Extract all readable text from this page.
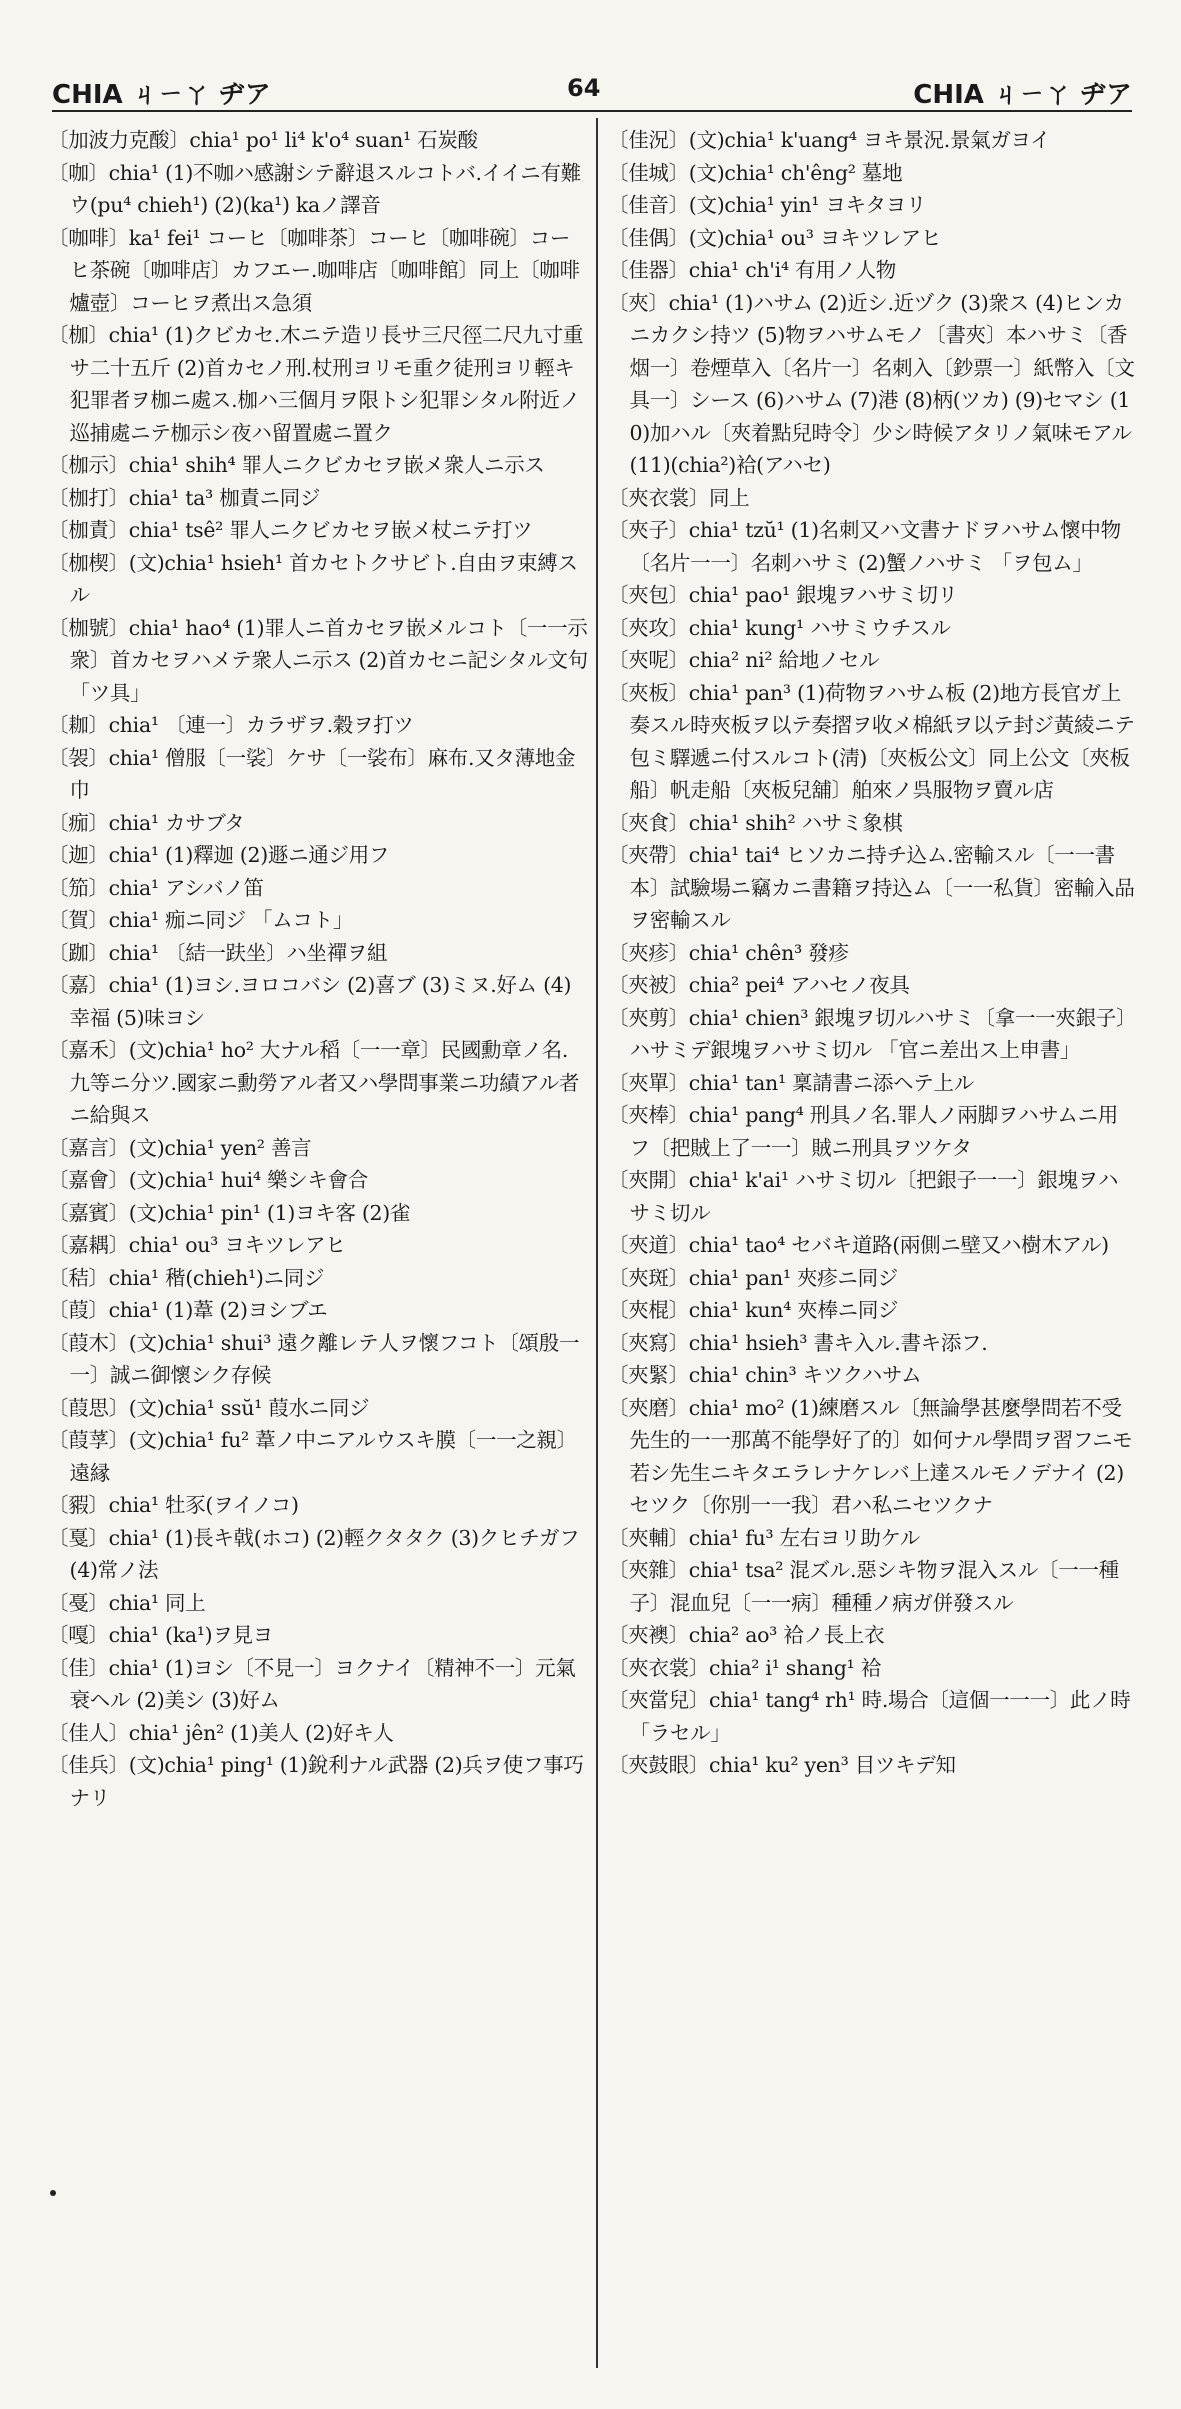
CHIA ㄐㄧㄚ ヂア	64	CHIA ㄐㄧㄚ ヂア
〔加波力克酸〕chia¹ po¹ li⁴ k'o⁴ suan¹ 石炭酸
〔咖〕chia¹ (1)不咖ハ感謝シテ辭退スルコトバ.イイニ有難ウ(pu⁴ chieh¹) (2)(ka¹) kaノ譯音
〔咖啡〕ka¹ fei¹ コーヒ〔咖啡茶〕コーヒ〔咖啡碗〕コーヒ茶碗〔咖啡店〕カフエー.咖啡店〔咖啡館〕同上〔咖啡爐壺〕コーヒヲ煮出ス急須
〔枷〕chia¹ (1)クビカセ.木ニテ造リ長サ三尺徑二尺九寸重サ二十五斤 (2)首カセノ刑.杖刑ヨリモ重ク徒刑ヨリ輕キ犯罪者ヲ枷ニ處ス.枷ハ三個月ヲ限トシ犯罪シタル附近ノ巡捕處ニテ枷示シ夜ハ留置處ニ置ク
〔枷示〕chia¹ shih⁴ 罪人ニクビカセヲ嵌メ衆人ニ示ス
〔枷打〕chia¹ ta³ 枷責ニ同ジ
〔枷責〕chia¹ tsê² 罪人ニクビカセヲ嵌メ杖ニテ打ツ
〔枷楔〕(文)chia¹ hsieh¹ 首カセトクサビト.自由ヲ束縛スル
〔枷號〕chia¹ hao⁴ (1)罪人ニ首カセヲ嵌メルコト〔一一示衆〕首カセヲハメテ衆人ニ示ス (2)首カセニ記シタル文句 「ツ具」
〔耞〕chia¹ 〔連一〕カラザヲ.穀ヲ打ツ
〔袈〕chia¹ 僧服〔一裟〕ケサ〔一裟布〕麻布.又タ薄地金巾
〔痂〕chia¹ カサブタ
〔迦〕chia¹ (1)釋迦 (2)遯ニ通ジ用フ
〔笳〕chia¹ アシバノ笛
〔賀〕chia¹ 痂ニ同ジ 「ムコト」
〔跏〕chia¹ 〔結一趺坐〕ハ坐禪ヲ組
〔嘉〕chia¹ (1)ヨシ.ヨロコバシ (2)喜ブ (3)ミヌ.好ム (4)幸福 (5)味ヨシ
〔嘉禾〕(文)chia¹ ho² 大ナル稻〔一一章〕民國勳章ノ名.九等ニ分ツ.國家ニ勳勞アル者又ハ學問事業ニ功績アル者ニ給與ス
〔嘉言〕(文)chia¹ yen² 善言
〔嘉會〕(文)chia¹ hui⁴ 樂シキ會合
〔嘉賓〕(文)chia¹ pin¹ (1)ヨキ客 (2)雀
〔嘉耦〕chia¹ ou³ ヨキツレアヒ
〔秸〕chia¹ 稭(chieh¹)ニ同ジ
〔葭〕chia¹ (1)葦 (2)ヨシブエ
〔葭木〕(文)chia¹ shui³ 遠ク離レテ人ヲ懷フコト〔頌殷一一〕誠ニ御懷シク存候
〔葭思〕(文)chia¹ ssŭ¹ 葭水ニ同ジ
〔葭莩〕(文)chia¹ fu² 葦ノ中ニアルウスキ膜〔一一之親〕遠縁
〔豭〕chia¹ 牡豕(ヲイノコ)
〔戛〕chia¹ (1)長キ戟(ホコ) (2)輕クタタク (3)クヒチガフ (4)常ノ法
〔戞〕chia¹ 同上
〔嘎〕chia¹ (ka¹)ヲ見ヨ
〔佳〕chia¹ (1)ヨシ〔不見一〕ヨクナイ〔精神不一〕元氣衰ヘル (2)美シ (3)好ム
〔佳人〕chia¹ jên² (1)美人 (2)好キ人
〔佳兵〕(文)chia¹ ping¹ (1)銳利ナル武器 (2)兵ヲ使フ事巧ナリ
〔佳況〕(文)chia¹ k'uang⁴ ヨキ景況.景氣ガヨイ
〔佳城〕(文)chia¹ ch'êng² 墓地
〔佳音〕(文)chia¹ yin¹ ヨキタヨリ
〔佳偶〕(文)chia¹ ou³ ヨキツレアヒ
〔佳器〕chia¹ ch'i⁴ 有用ノ人物
〔夾〕chia¹ (1)ハサム (2)近シ.近ヅク (3)衆ス (4)ヒンカニカクシ持ツ (5)物ヲハサムモノ〔書夾〕本ハサミ〔香烟一〕卷煙草入〔名片一〕名刺入〔鈔票一〕紙幣入〔文具一〕シース (6)ハサム (7)港 (8)柄(ツカ) (9)セマシ (10)加ハル〔夾着點兒時令〕少シ時候アタリノ氣味モアル (11)(chia²)袷(アハセ)
〔夾衣裳〕同上
〔夾子〕chia¹ tzŭ¹ (1)名刺又ハ文書ナドヲハサム懷中物〔名片一一〕名刺ハサミ (2)蟹ノハサミ 「ヲ包ム」
〔夾包〕chia¹ pao¹ 銀塊ヲハサミ切リ
〔夾攻〕chia¹ kung¹ ハサミウチスル
〔夾呢〕chia² ni² 給地ノセル
〔夾板〕chia¹ pan³ (1)荷物ヲハサム板 (2)地方長官ガ上奏スル時夾板ヲ以テ奏摺ヲ收メ棉紙ヲ以テ封ジ黃綾ニテ包ミ驛遞ニ付スルコト(淸)〔夾板公文〕同上公文〔夾板船〕帆走船〔夾板兒舖〕舶來ノ呉服物ヲ賣ル店
〔夾食〕chia¹ shih² ハサミ象棋
〔夾帶〕chia¹ tai⁴ ヒソカニ持チ込ム.密輸スル〔一一書本〕試驗場ニ竊カニ書籍ヲ持込ム〔一一私貨〕密輸入品ヲ密輸スル
〔夾疹〕chia¹ chên³ 發疹
〔夾被〕chia² pei⁴ アハセノ夜具
〔夾剪〕chia¹ chien³ 銀塊ヲ切ルハサミ〔拿一一夾銀子〕ハサミデ銀塊ヲハサミ切ル 「官ニ差出ス上申書」
〔夾單〕chia¹ tan¹ 稟請書ニ添ヘテ上ル
〔夾棒〕chia¹ pang⁴ 刑具ノ名.罪人ノ兩脚ヲハサムニ用フ〔把賊上了一一〕賊ニ刑具ヲツケタ
〔夾開〕chia¹ k'ai¹ ハサミ切ル〔把銀子一一〕銀塊ヲハサミ切ル
〔夾道〕chia¹ tao⁴ セバキ道路(兩側ニ壁又ハ樹木アル)
〔夾斑〕chia¹ pan¹ 夾疹ニ同ジ
〔夾棍〕chia¹ kun⁴ 夾棒ニ同ジ
〔夾寫〕chia¹ hsieh³ 書キ入ル.書キ添フ.
〔夾緊〕chia¹ chin³ キツクハサム
〔夾磨〕chia¹ mo² (1)練磨スル〔無論學甚麼學問若不受先生的一一那萬不能學好了的〕如何ナル學問ヲ習フニモ若シ先生ニキタエラレナケレバ上達スルモノデナイ (2)セツク〔你別一一我〕君ハ私ニセツクナ
〔夾輔〕chia¹ fu³ 左右ヨリ助ケル
〔夾雜〕chia¹ tsa² 混ズル.惡シキ物ヲ混入スル〔一一種子〕混血兒〔一一病〕種種ノ病ガ併發スル
〔夾襖〕chia² ao³ 袷ノ長上衣
〔夾衣裳〕chia² i¹ shang¹ 袷
〔夾當兒〕chia¹ tang⁴ rh¹ 時.場合〔這個一一一〕此ノ時 「ラセル」
〔夾鼓眼〕chia¹ ku² yen³ 目ツキデ知
